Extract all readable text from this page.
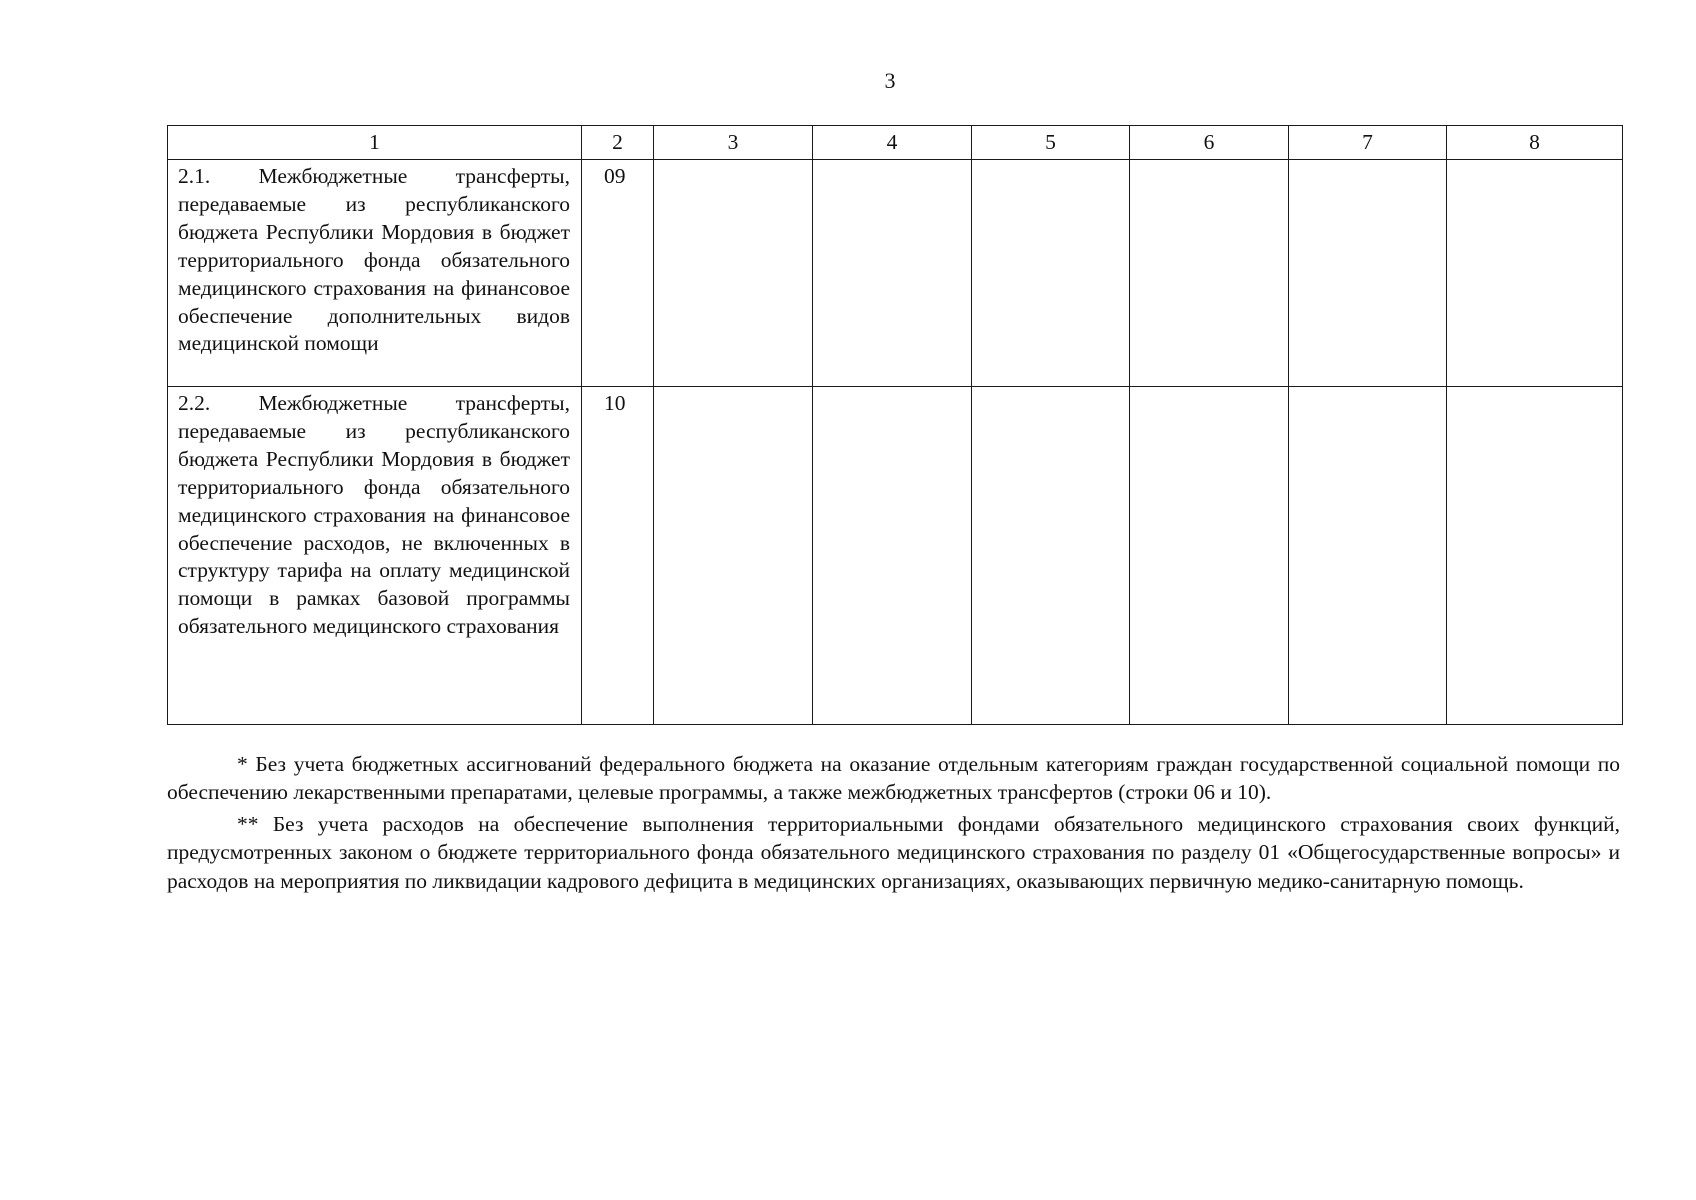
3
1	2	3	4	5	6	7	8
2.1. Межбюджетные трансферты, передаваемые из республиканского бюджета Республики Мордовия в бюджет территориального фонда обязательного медицинского страхования на финансовое обеспечение дополнительных видов медицинской помощи	09						
2.2. Межбюджетные трансферты, передаваемые из республиканского бюджета Республики Мордовия в бюджет территориального фонда обязательного медицинского страхования на финансовое обеспечение расходов, не включенных в структуру тарифа на оплату медицинской помощи в рамках базовой программы обязательного медицинского страхования	10						

* Без учета бюджетных ассигнований федерального бюджета на оказание отдельным категориям граждан государственной социальной помощи по обеспечению лекарственными препаратами, целевые программы, а также межбюджетных трансфертов (строки 06 и 10).

** Без учета расходов на обеспечение выполнения территориальными фондами обязательного медицинского страхования своих функций, предусмотренных законом о бюджете территориального фонда обязательного медицинского страхования по разделу 01 «Общегосударственные вопросы» и расходов на мероприятия по ликвидации кадрового дефицита в медицинских организациях, оказывающих первичную медико-санитарную помощь.
